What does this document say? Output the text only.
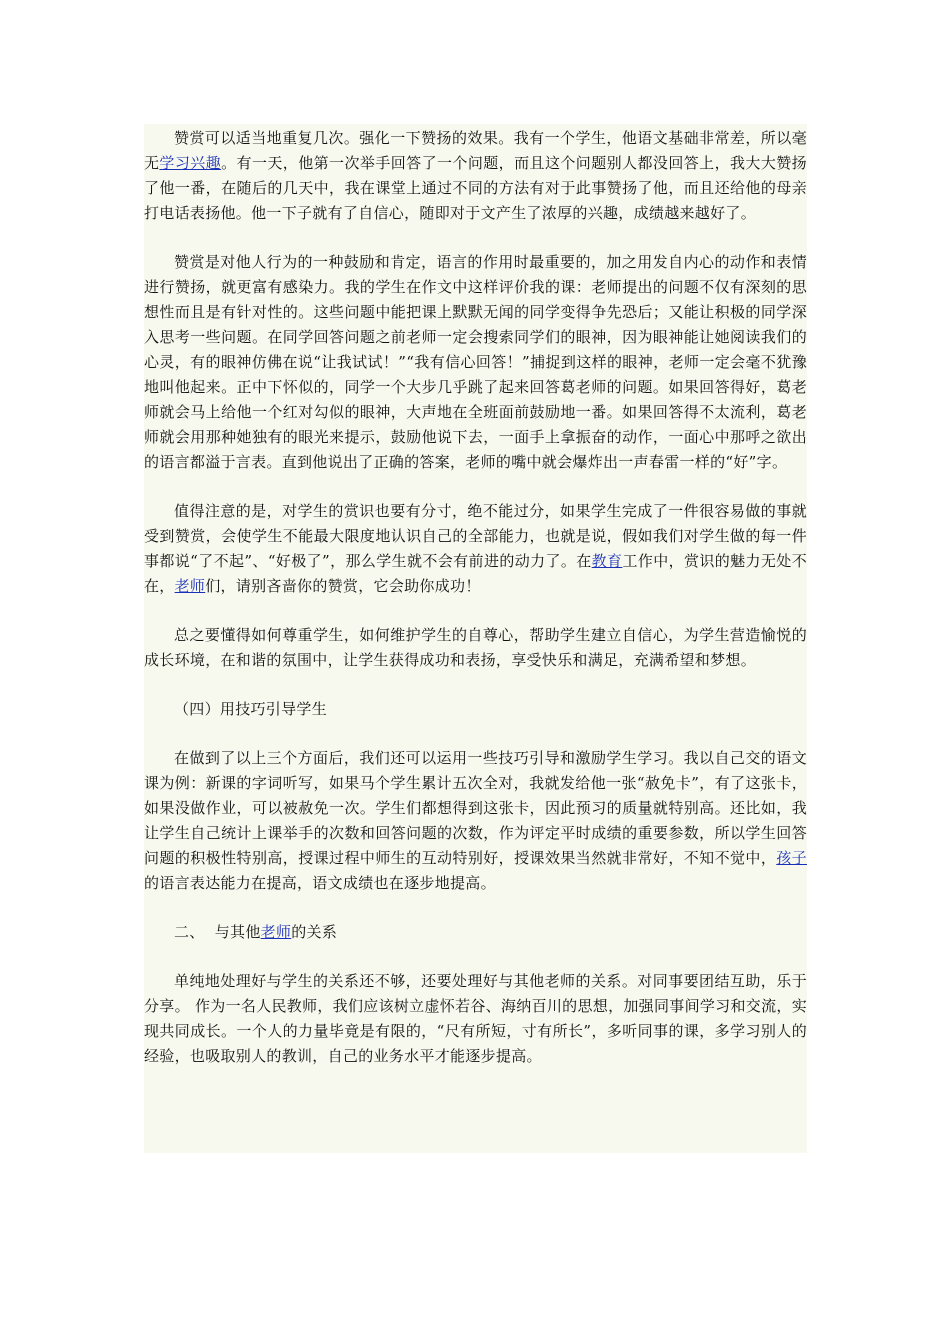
赞赏可以适当地重复几次。强化一下赞扬的效果。我有一个学生，他语文基础非常差，所以毫无学习兴趣。有一天，他第一次举手回答了一个问题，而且这个问题别人都没回答上，我大大赞扬了他一番，在随后的几天中，我在课堂上通过不同的方法有对于此事赞扬了他，而且还给他的母亲打电话表扬他。他一下子就有了自信心，随即对于文产生了浓厚的兴趣，成绩越来越好了。

赞赏是对他人行为的一种鼓励和肯定，语言的作用时最重要的，加之用发自内心的动作和表情进行赞扬，就更富有感染力。我的学生在作文中这样评价我的课：老师提出的问题不仅有深刻的思想性而且是有针对性的。这些问题中能把课上默默无闻的同学变得争先恐后；又能让积极的同学深入思考一些问题。在同学回答问题之前老师一定会搜索同学们的眼神，因为眼神能让她阅读我们的心灵，有的眼神仿佛在说“让我试试！”“我有信心回答！”捕捉到这样的眼神，老师一定会毫不犹豫地叫他起来。正中下怀似的，同学一个大步几乎跳了起来回答葛老师的问题。如果回答得好，葛老师就会马上给他一个红对勾似的眼神，大声地在全班面前鼓励地一番。如果回答得不太流利，葛老师就会用那种她独有的眼光来提示，鼓励他说下去，一面手上拿振奋的动作，一面心中那呼之欲出的语言都溢于言表。直到他说出了正确的答案，老师的嘴中就会爆炸出一声春雷一样的“好”字。

值得注意的是，对学生的赏识也要有分寸，绝不能过分，如果学生完成了一件很容易做的事就受到赞赏，会使学生不能最大限度地认识自己的全部能力，也就是说，假如我们对学生做的每一件事都说“了不起”、“好极了”，那么学生就不会有前进的动力了。在教育工作中，赏识的魅力无处不在，老师们，请别吝啬你的赞赏，它会助你成功！

总之要懂得如何尊重学生，如何维护学生的自尊心，帮助学生建立自信心，为学生营造愉悦的成长环境，在和谐的氛围中，让学生获得成功和表扬，享受快乐和满足，充满希望和梦想。

（四）用技巧引导学生

在做到了以上三个方面后，我们还可以运用一些技巧引导和激励学生学习。我以自己交的语文课为例：新课的字词听写，如果马个学生累计五次全对，我就发给他一张“赦免卡”，有了这张卡，如果没做作业，可以被赦免一次。学生们都想得到这张卡，因此预习的质量就特别高。还比如，我让学生自己统计上课举手的次数和回答问题的次数，作为评定平时成绩的重要参数，所以学生回答问题的积极性特别高，授课过程中师生的互动特别好，授课效果当然就非常好，不知不觉中，孩子的语言表达能力在提高，语文成绩也在逐步地提高。

二、  与其他老师的关系

单纯地处理好与学生的关系还不够，还要处理好与其他老师的关系。对同事要团结互助，乐于分享。 作为一名人民教师，我们应该树立虚怀若谷、海纳百川的思想，加强同事间学习和交流，实现共同成长。一个人的力量毕竟是有限的，“尺有所短，寸有所长”，多听同事的课，多学习别人的经验，也吸取别人的教训，自己的业务水平才能逐步提高。
